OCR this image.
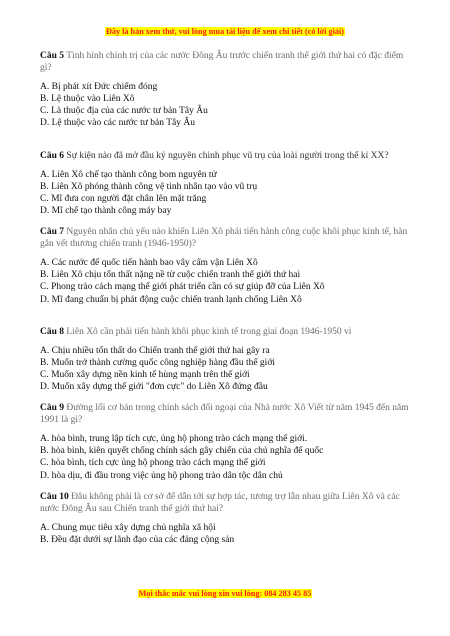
Đây là bản xem thử, vui lòng mua tài liệu để xem chi tiết (có lời giải)

Câu 5 Tình hình chính trị của các nước Đông Âu trước chiến tranh thế giới thứ hai có đặc điểm gì?

A. Bị phát xít Đức chiếm đóng

B. Lệ thuộc vào Liên Xô

C. Là thuộc địa của các nước tư bản Tây Âu

D. Lệ thuộc vào các nước tư bản Tây Âu

Câu 6 Sự kiện nào đã mở đầu kỷ nguyên chinh phục vũ trụ của loài người trong thế kỉ XX?

A. Liên Xô chế tạo thành công bom nguyên tử

B. Liên Xô phóng thành công vệ tinh nhân tạo vào vũ trụ

C. Mĩ đưa con người đặt chân lên mặt trăng

D. Mĩ chế tạo thành công máy bay

Câu 7 Nguyên nhân chủ yếu nào khiến Liên Xô phải tiến hành công cuộc khôi phục kinh tế, hàn gắn vết thương chiến tranh (1946-1950)?

A. Các nước đế quốc tiến hành bao vây cấm vận Liên Xô

B. Liên Xô chịu tổn thất nặng nề từ cuộc chiến tranh thế giới thứ hai

C. Phong trào cách mạng thế giới phát triển cần có sự giúp đỡ của Liên Xô

D. Mĩ đang chuẩn bị phát động cuộc chiến tranh lạnh chống Liên Xô

Câu 8 Liên Xô cần phải tiến hành khôi phục kinh tế trong giai đoạn 1946-1950 vì

A. Chịu nhiều tổn thất do Chiến tranh thế giới thứ hai gây ra

B. Muốn trở thành cường quốc công nghiệp hàng đầu thế giới

C. Muốn xây dựng nền kinh tế hùng mạnh trên thế giới

D. Muốn xây dựng thế giới "đơn cực" do Liên Xô đứng đầu

Câu 9 Đường lối cơ bản trong chính sách đối ngoại của Nhà nước Xô Viết từ năm 1945 đến năm 1991 là gì?

A. hòa bình, trung lập tích cực, ủng hộ phong trào cách mạng thế giới.

B. hòa bình, kiên quyết chống chính sách gây chiến của chủ nghĩa đế quốc

C. hòa bình, tích cực ủng hộ phong trào cách mạng thế giới

D. hòa dịu, đi đầu trong việc ủng hộ phong trào dân tộc dân chủ

Câu 10 Đâu không phải là cơ sở để dẫn tới sự hợp tác, tương trợ lẫn nhau giữa Liên Xô và các nước Đông Âu sau Chiến tranh thế giới thứ hai?

A. Chung mục tiêu xây dựng chủ nghĩa xã hội

B. Đều đặt dưới sự lãnh đạo của các đảng cộng sản

Mọi thắc mắc vui lòng xin vui lòng: 084 283 45 85
